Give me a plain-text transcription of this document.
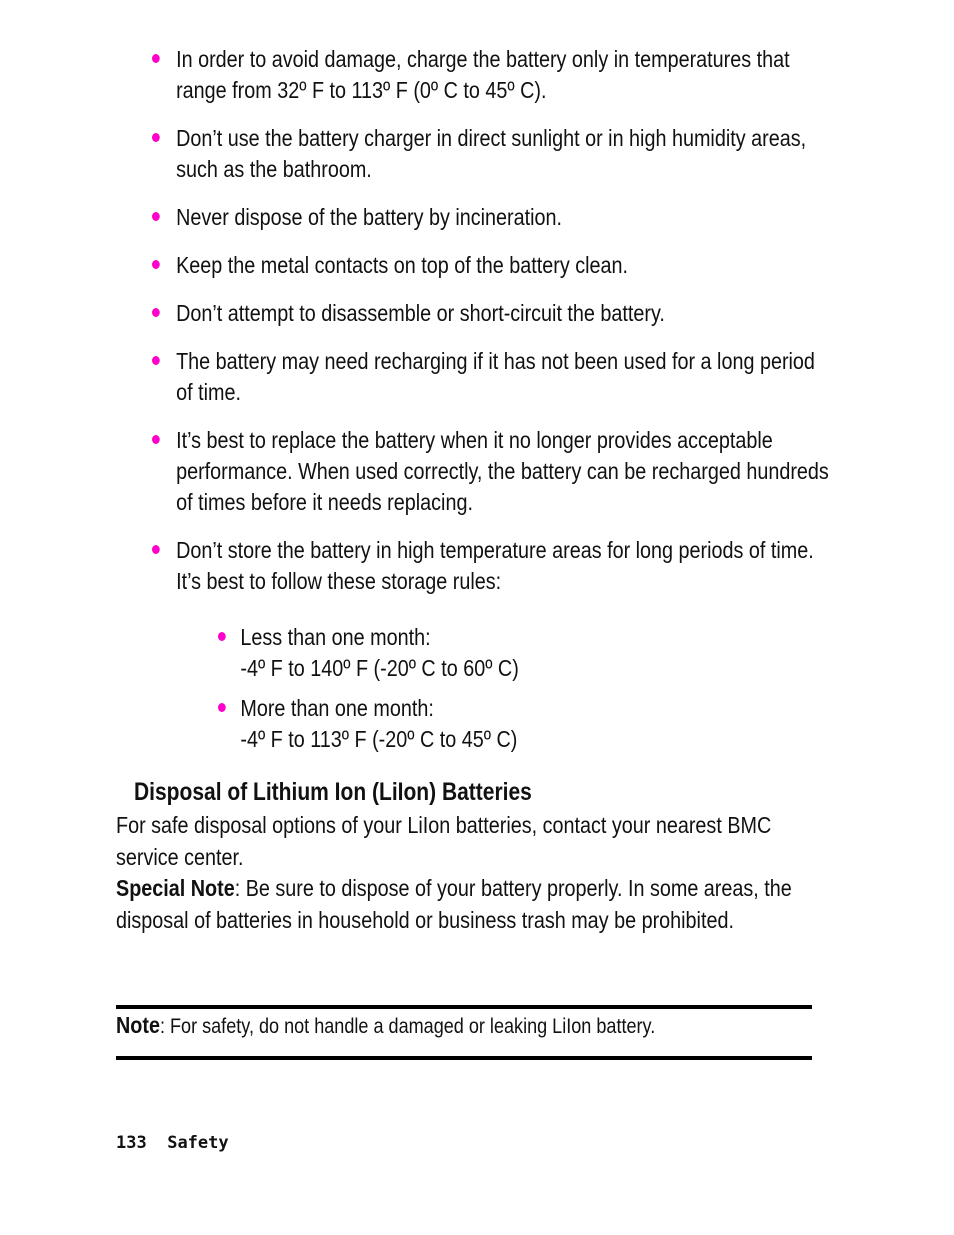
In order to avoid damage, charge the battery only in temperatures that range from 32º F to 113º F (0º C to 45º C).
Don’t use the battery charger in direct sunlight or in high humidity areas, such as the bathroom.
Never dispose of the battery by incineration.
Keep the metal contacts on top of the battery clean.
Don’t attempt to disassemble or short-circuit the battery.
The battery may need recharging if it has not been used for a long period of time.
It’s best to replace the battery when it no longer provides acceptable performance. When used correctly, the battery can be recharged hundreds of times before it needs replacing.
Don’t store the battery in high temperature areas for long periods of time. It’s best to follow these storage rules:
Less than one month:
-4º F to 140º F (-20º C to 60º C)
More than one month:
-4º F to 113º F (-20º C to 45º C)
Disposal of Lithium Ion (LiIon) Batteries
For safe disposal options of your LiIon batteries, contact your nearest BMC service center.
Special Note: Be sure to dispose of your battery properly. In some areas, the disposal of batteries in household or business trash may be prohibited.
Note: For safety, do not handle a damaged or leaking LiIon battery.
133 Safety
